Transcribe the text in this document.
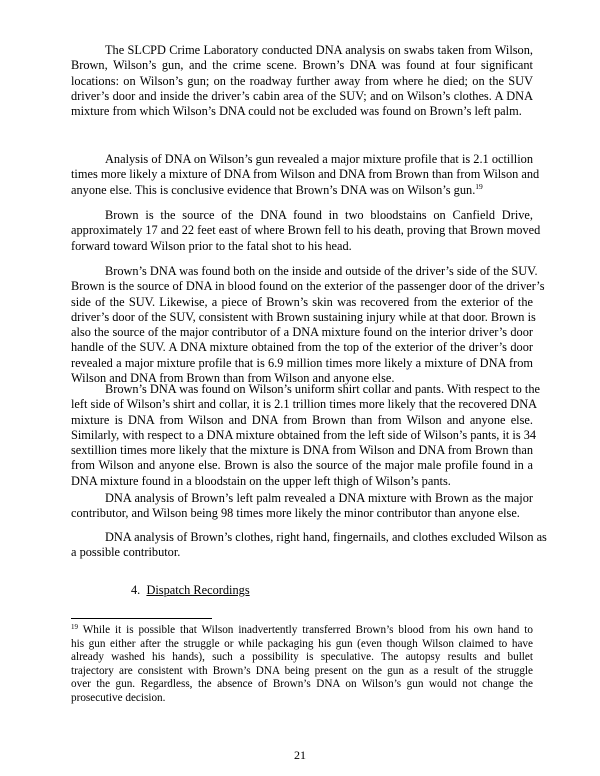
The SLCPD Crime Laboratory conducted DNA analysis on swabs taken from Wilson,
Brown, Wilson’s gun, and the crime scene. Brown’s DNA was found at four significant
locations: on Wilson’s gun; on the roadway further away from where he died; on the SUV
driver’s door and inside the driver’s cabin area of the SUV; and on Wilson’s clothes. A DNA
mixture from which Wilson’s DNA could not be excluded was found on Brown’s left palm.
Analysis of DNA on Wilson’s gun revealed a major mixture profile that is 2.1 octillion
times more likely a mixture of DNA from Wilson and DNA from Brown than from Wilson and
anyone else. This is conclusive evidence that Brown’s DNA was on Wilson’s gun.$^{19}$
Brown is the source of the DNA found in two bloodstains on Canfield Drive,
approximately 17 and 22 feet east of where Brown fell to his death, proving that Brown moved
forward toward Wilson prior to the fatal shot to his head.
Brown’s DNA was found both on the inside and outside of the driver’s side of the SUV.
Brown is the source of DNA in blood found on the exterior of the passenger door of the driver’s
side of the SUV. Likewise, a piece of Brown’s skin was recovered from the exterior of the
driver’s door of the SUV, consistent with Brown sustaining injury while at that door. Brown is
also the source of the major contributor of a DNA mixture found on the interior driver’s door
handle of the SUV. A DNA mixture obtained from the top of the exterior of the driver’s door
revealed a major mixture profile that is 6.9 million times more likely a mixture of DNA from
Wilson and DNA from Brown than from Wilson and anyone else.
Brown’s DNA was found on Wilson’s uniform shirt collar and pants. With respect to the
left side of Wilson’s shirt and collar, it is 2.1 trillion times more likely that the recovered DNA
mixture is DNA from Wilson and DNA from Brown than from Wilson and anyone else.
Similarly, with respect to a DNA mixture obtained from the left side of Wilson’s pants, it is 34
sextillion times more likely that the mixture is DNA from Wilson and DNA from Brown than
from Wilson and anyone else. Brown is also the source of the major male profile found in a
DNA mixture found in a bloodstain on the upper left thigh of Wilson’s pants.
DNA analysis of Brown’s left palm revealed a DNA mixture with Brown as the major
contributor, and Wilson being 98 times more likely the minor contributor than anyone else.
DNA analysis of Brown’s clothes, right hand, fingernails, and clothes excluded Wilson as
a possible contributor.
4. Dispatch Recordings
$^{19}$ While it is possible that Wilson inadvertently transferred Brown’s blood from his own hand to
his gun either after the struggle or while packaging his gun (even though Wilson claimed to have
already washed his hands), such a possibility is speculative. The autopsy results and bullet
trajectory are consistent with Brown’s DNA being present on the gun as a result of the struggle
over the gun. Regardless, the absence of Brown’s DNA on Wilson’s gun would not change the
prosecutive decision.
21
